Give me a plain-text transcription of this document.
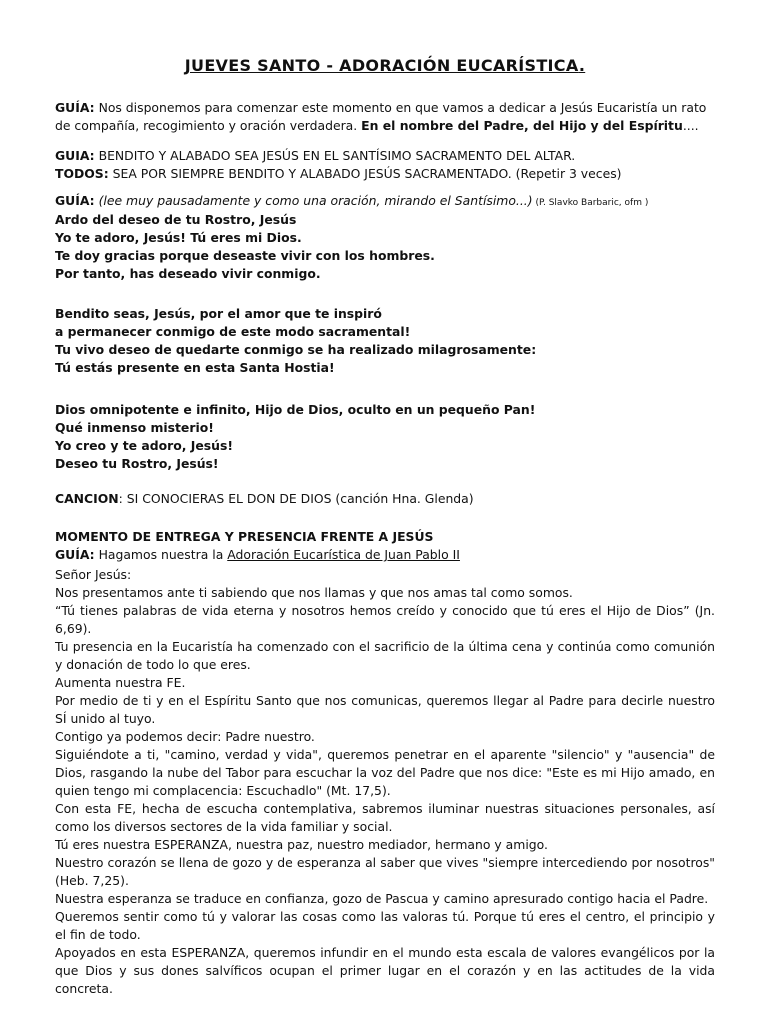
JUEVES SANTO - ADORACIÓN EUCARÍSTICA.
GUÍA: Nos disponemos para comenzar este momento en que vamos a dedicar a Jesús Eucaristía un rato de compañía, recogimiento y oración verdadera. En el nombre del Padre, del Hijo y del Espíritu....
GUIA: BENDITO Y ALABADO SEA JESÚS EN EL SANTÍSIMO SACRAMENTO DEL ALTAR.
TODOS: SEA POR SIEMPRE BENDITO Y ALABADO JESÚS SACRAMENTADO. (Repetir 3 veces)
GUÍA: (lee muy pausadamente y como una oración, mirando el Santísimo...) (P. Slavko Barbaric, ofm )
Ardo del deseo de tu Rostro, Jesús
Yo te adoro, Jesús! Tú eres mi Dios.
Te doy gracias porque deseaste vivir con los hombres.
Por tanto, has deseado vivir conmigo.
Bendito seas, Jesús, por el amor que te inspiró
a permanecer conmigo de este modo sacramental!
Tu vivo deseo de quedarte conmigo se ha realizado milagrosamente:
Tú estás presente en esta Santa Hostia!
Dios omnipotente e infinito, Hijo de Dios, oculto en un pequeño Pan!
Qué inmenso misterio!
Yo creo y te adoro, Jesús!
Deseo tu Rostro, Jesús!
CANCION: SI CONOCIERAS EL DON DE DIOS (canción Hna. Glenda)
MOMENTO DE ENTREGA Y PRESENCIA FRENTE A JESÚS
GUÍA: Hagamos nuestra la Adoración Eucarística de Juan Pablo II
Señor Jesús:
Nos presentamos ante ti sabiendo que nos llamas y que nos amas tal como somos.
“Tú tienes palabras de vida eterna y nosotros hemos creído y conocido que tú eres el Hijo de Dios” (Jn. 6,69).
Tu presencia en la Eucaristía ha comenzado con el sacrificio de la última cena y continúa como comunión y donación de todo lo que eres.
Aumenta nuestra FE.
Por medio de ti y en el Espíritu Santo que nos comunicas, queremos llegar al Padre para decirle nuestro SÍ unido al tuyo.
Contigo ya podemos decir: Padre nuestro.
Siguiéndote a ti, "camino, verdad y vida", queremos penetrar en el aparente "silencio" y "ausencia" de Dios, rasgando la nube del Tabor para escuchar la voz del Padre que nos dice: "Este es mi Hijo amado, en quien tengo mi complacencia: Escuchadlo" (Mt. 17,5).
Con esta FE, hecha de escucha contemplativa, sabremos iluminar nuestras situaciones personales, así como los diversos sectores de la vida familiar y social.
Tú eres nuestra ESPERANZA, nuestra paz, nuestro mediador, hermano y amigo.
Nuestro corazón se llena de gozo y de esperanza al saber que vives "siempre intercediendo por nosotros" (Heb. 7,25).
Nuestra esperanza se traduce en confianza, gozo de Pascua y camino apresurado contigo hacia el Padre.
Queremos sentir como tú y valorar las cosas como las valoras tú. Porque tú eres el centro, el principio y el fin de todo.
Apoyados en esta ESPERANZA, queremos infundir en el mundo esta escala de valores evangélicos por la que Dios y sus dones salvíficos ocupan el primer lugar en el corazón y en las actitudes de la vida concreta.
